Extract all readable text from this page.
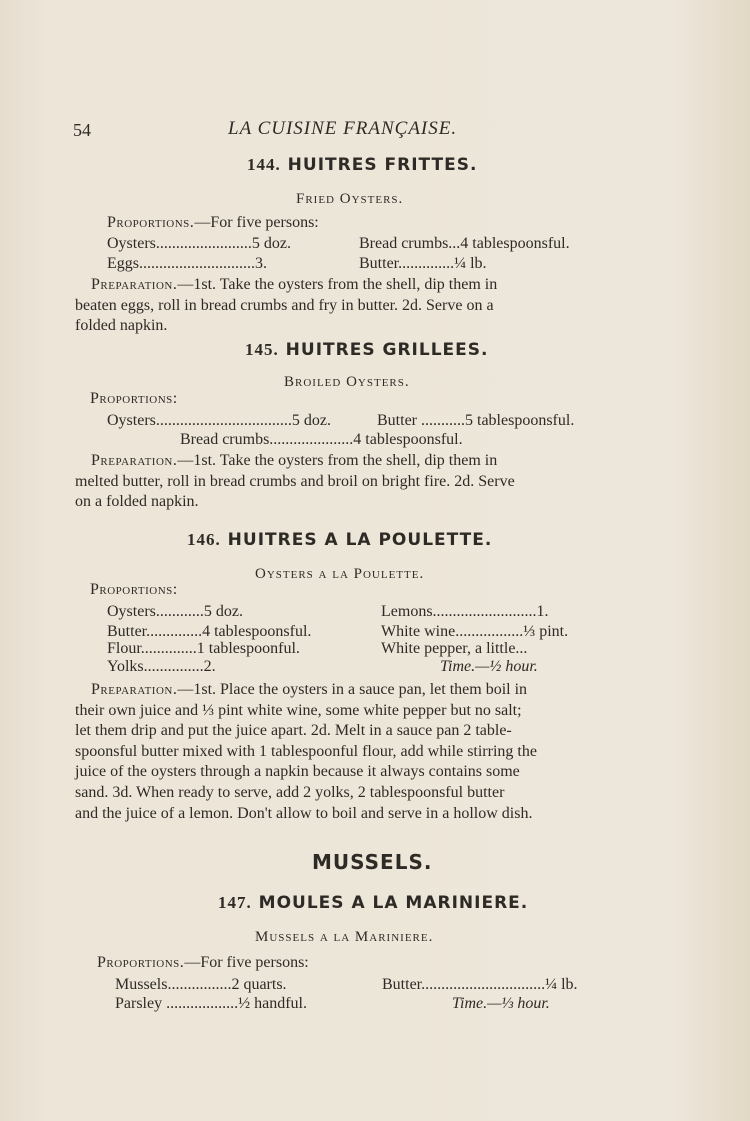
54	LA CUISINE FRANÇAISE.
144. HUITRES FRITTES.
Fried Oysters.
Proportions.—For five persons:
Oysters........................5 doz.	Bread crumbs...4 tablespoonsful.
Eggs.............................3.	Butter..............¼ lb.
Preparation.—1st. Take the oysters from the shell, dip them in
beaten eggs, roll in bread crumbs and fry in butter. 2d. Serve on a
folded napkin.
145. HUITRES GRILLEES.
Broiled Oysters.
Proportions:
Oysters..................................5 doz.	Butter ...........5 tablespoonsful.
Bread crumbs.....................4 tablespoonsful.
Preparation.—1st. Take the oysters from the shell, dip them in
melted butter, roll in bread crumbs and broil on bright fire. 2d. Serve
on a folded napkin.
146. HUITRES A LA POULETTE.
Oysters a la Poulette.
Proportions:
Oysters............5 doz.	Lemons..........................1.
Butter..............4 tablespoonsful.	White wine.................⅓ pint.
Flour..............1 tablespoonful.	White pepper, a little...
Yolks...............2.	Time.—½ hour.
Preparation.—1st. Place the oysters in a sauce pan, let them boil in
their own juice and ⅓ pint white wine, some white pepper but no salt;
let them drip and put the juice apart. 2d. Melt in a sauce pan 2 table-
spoonsful butter mixed with 1 tablespoonful flour, add while stirring the
juice of the oysters through a napkin because it always contains some
sand. 3d. When ready to serve, add 2 yolks, 2 tablespoonsful butter
and the juice of a lemon. Don't allow to boil and serve in a hollow dish.
MUSSELS.
147. MOULES A LA MARINIERE.
Mussels a la Mariniere.
Proportions.—For five persons:
Mussels................2 quarts.	Butter...............................¼ lb.
Parsley ..................½ handful.	Time.—⅓ hour.
